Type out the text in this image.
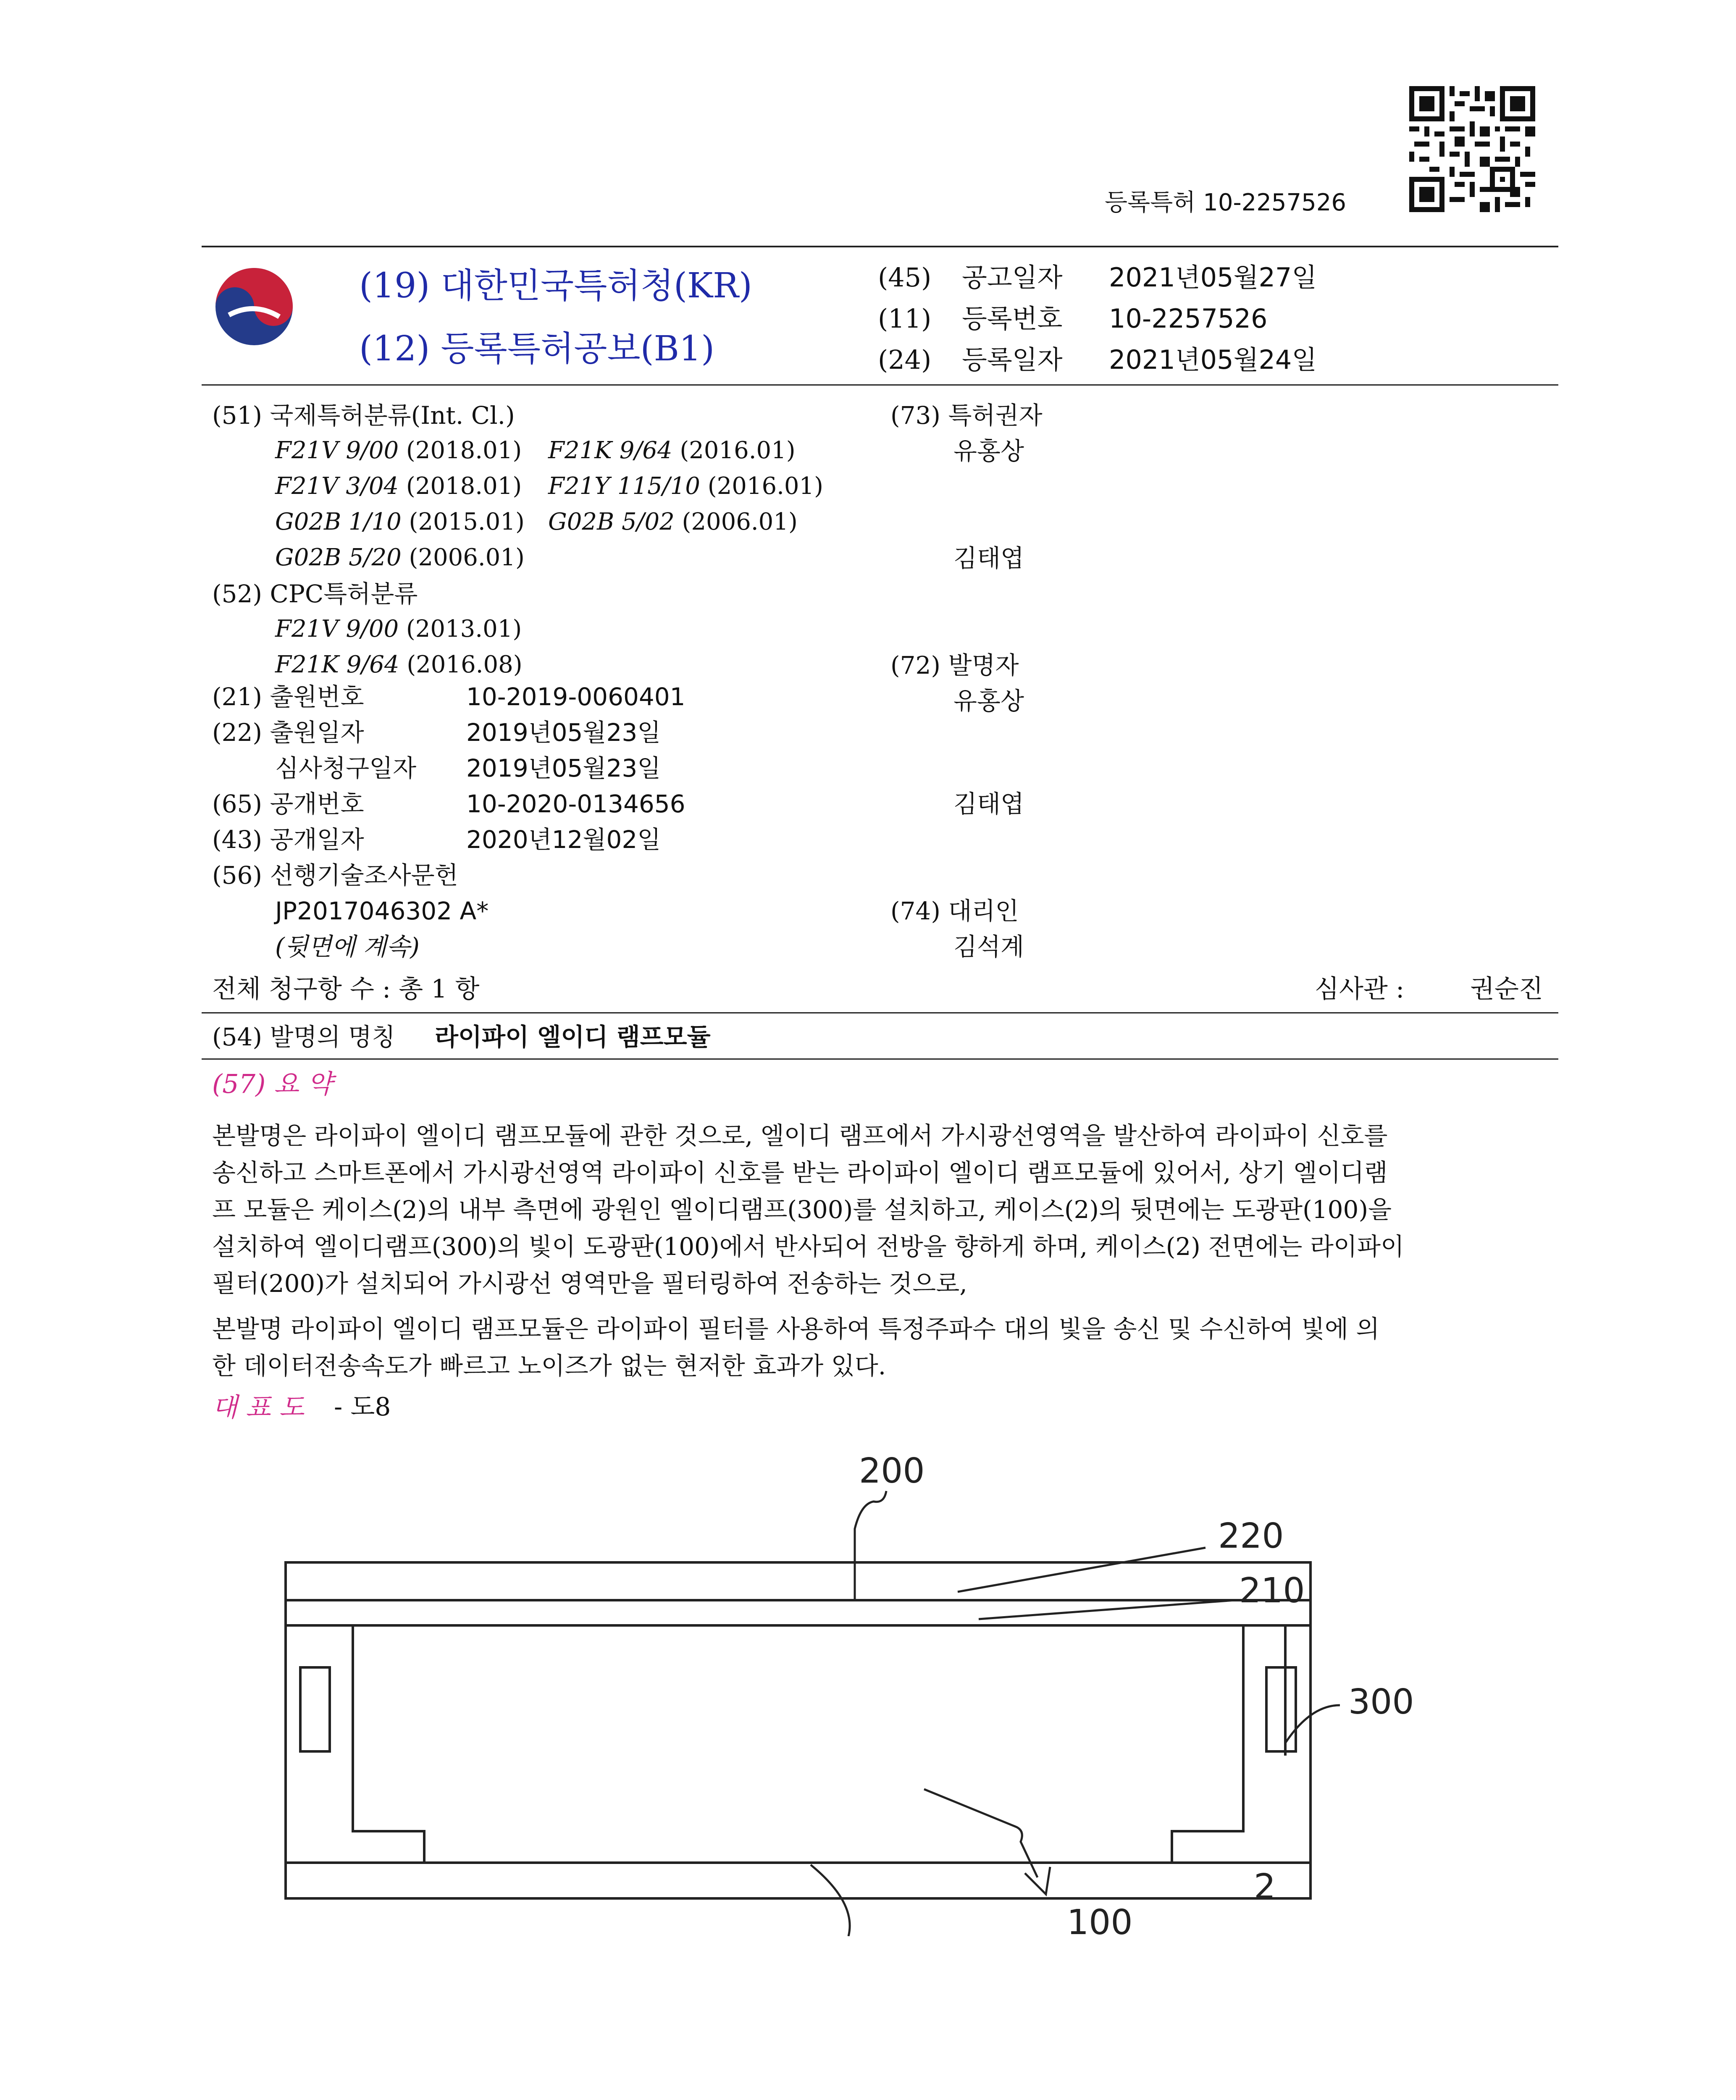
등록특허 10-2257526
(19) 대한민국특허청(KR)
(12) 등록특허공보(B1)
(45) 공고일자 2021년05월27일
(11) 등록번호 10-2257526
(24) 등록일자 2021년05월24일
(51) 국제특허분류(Int. Cl.)
F21V 9/00 (2018.01) F21K 9/64 (2016.01)
F21V 3/04 (2018.01) F21Y 115/10 (2016.01)
G02B 1/10 (2015.01) G02B 5/02 (2006.01)
G02B 5/20 (2006.01)
(52) CPC특허분류
F21V 9/00 (2013.01)
F21K 9/64 (2016.08)
(21) 출원번호	10-2019-0060401
(22) 출원일자	2019년05월23일
심사청구일자 2019년05월23일
(65) 공개번호	10-2020-0134656
(43) 공개일자	2020년12월02일
(56) 선행기술조사문헌
JP2017046302 A*
(뒷면에 계속)
(73) 특허권자
유홍상
김태엽
(72) 발명자
유홍상
김태엽
(74) 대리인
김석계
전체 청구항 수 : 총 1 항	심사관 :	권순진
(54) 발명의 명칭 라이파이 엘이디 램프모듈
(57) 요 약
본발명은 라이파이 엘이디 램프모듈에 관한 것으로, 엘이디 램프에서 가시광선영역을 발산하여 라이파이 신호를
송신하고 스마트폰에서 가시광선영역 라이파이 신호를 받는 라이파이 엘이디 램프모듈에 있어서, 상기 엘이디램
프 모듈은 케이스(2)의 내부 측면에 광원인 엘이디램프(300)를 설치하고, 케이스(2)의 뒷면에는 도광판(100)을
설치하여 엘이디램프(300)의 빛이 도광판(100)에서 반사되어 전방을 향하게 하며, 케이스(2) 전면에는 라이파이
필터(200)가 설치되어 가시광선 영역만을 필터링하여 전송하는 것으로,
본발명 라이파이 엘이디 램프모듈은 라이파이 필터를 사용하여 특정주파수 대의 빛을 송신 및 수신하여 빛에 의
한 데이터전송속도가 빠르고 노이즈가 없는 현저한 효과가 있다.
대 표 도 - 도8
200
220
210
300
2
100
